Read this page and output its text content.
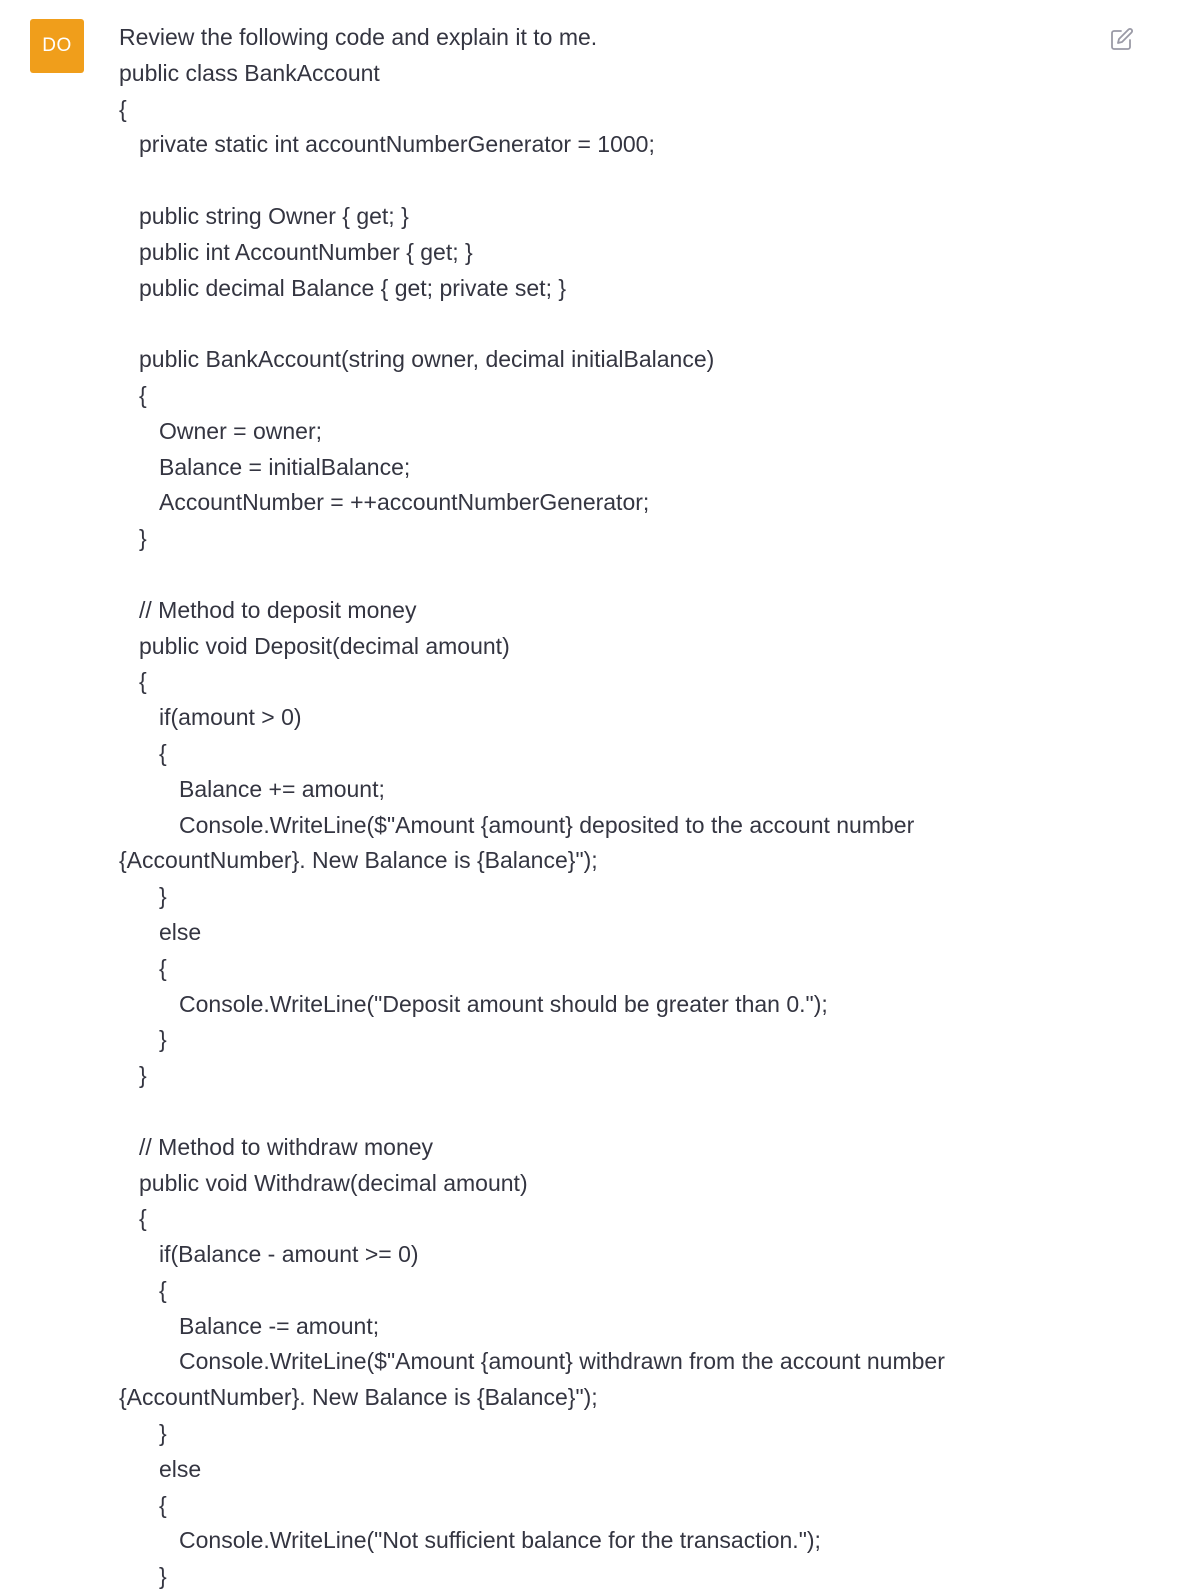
DO	Review the following code and explain it to me.
public class BankAccount
{
private static int accountNumberGenerator = 1000;
public string Owner { get; }
public int AccountNumber { get; }
public decimal Balance { get; private set; }
public BankAccount(string owner, decimal initialBalance)
{
Owner = owner;
Balance = initialBalance;
AccountNumber = ++accountNumberGenerator;
}
// Method to deposit money
public void Deposit(decimal amount)
{
if(amount > 0)
{
Balance += amount;
Console.WriteLine($"Amount {amount} deposited to the account number {AccountNumber}. New Balance is {Balance}");
}
else
{
Console.WriteLine("Deposit amount should be greater than 0.");
}
}
// Method to withdraw money
public void Withdraw(decimal amount)
{
if(Balance - amount >= 0)
{
Balance -= amount;
Console.WriteLine($"Amount {amount} withdrawn from the account number {AccountNumber}. New Balance is {Balance}");
}
else
{
Console.WriteLine("Not sufficient balance for the transaction.");
}
